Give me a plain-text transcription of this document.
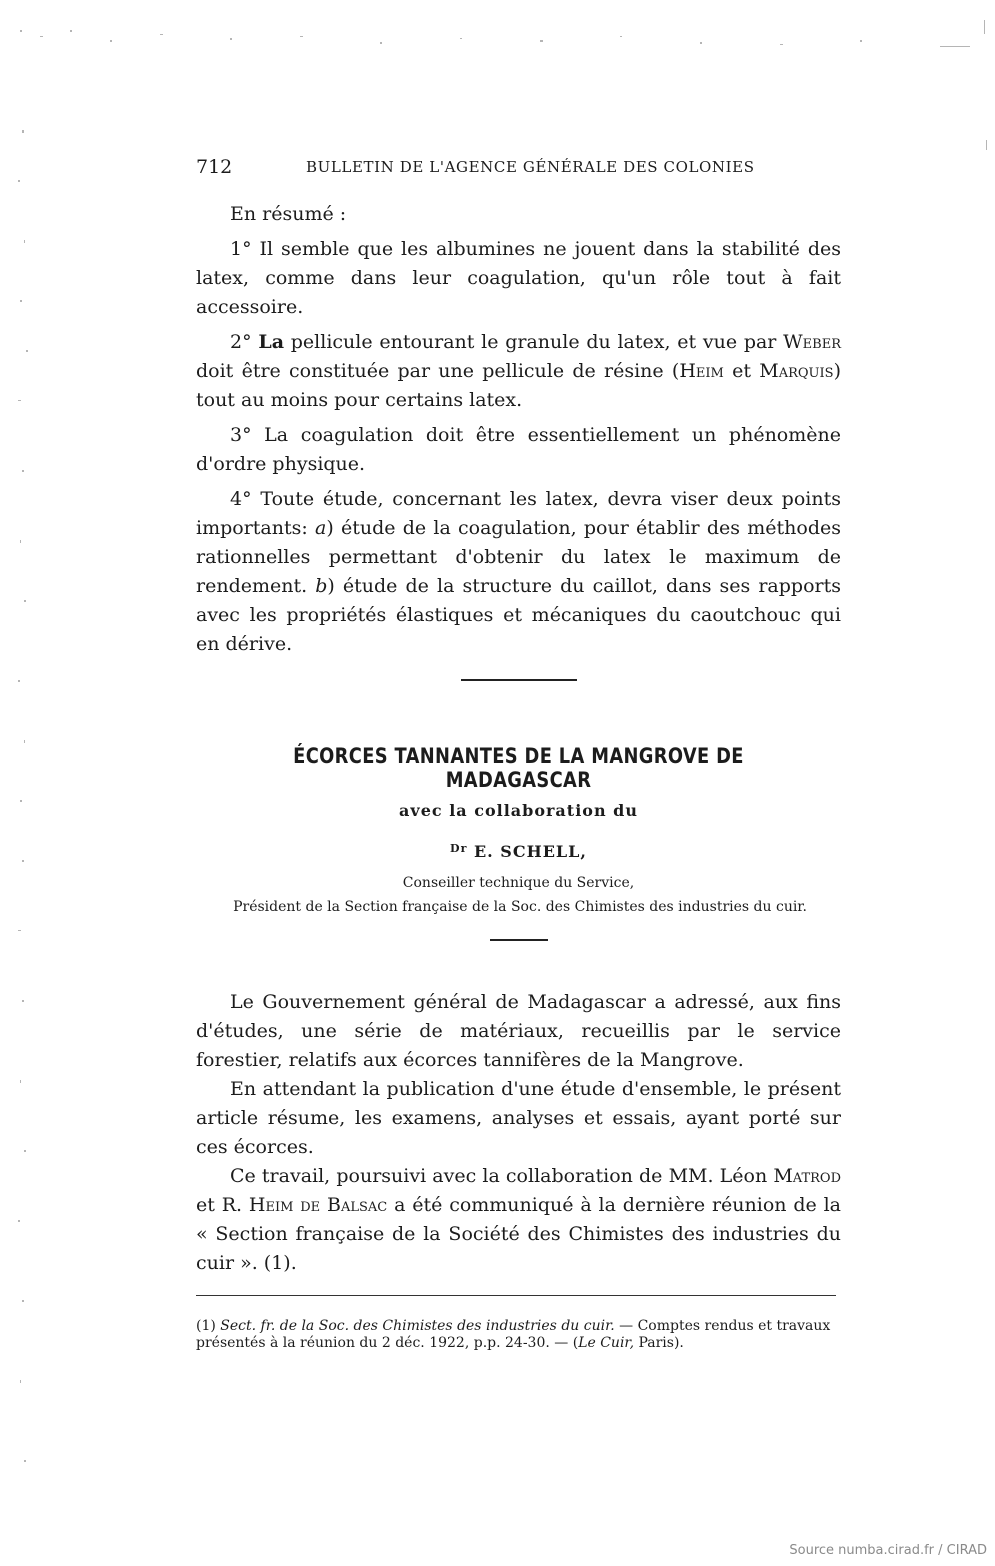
712	BULLETIN DE L'AGENCE GÉNÉRALE DES COLONIES

En résumé :

1° Il semble que les albumines ne jouent dans la stabilité des latex, comme dans leur coagulation, qu'un rôle tout à fait accessoire.

2° La pellicule entourant le granule du latex, et vue par Weber doit être constituée par une pellicule de résine (Heim et Marquis) tout au moins pour certains latex.

3° La coagulation doit être essentiellement un phénomène d'ordre physique.

4° Toute étude, concernant les latex, devra viser deux points importants: a) étude de la coagulation, pour établir des méthodes rationnelles permettant d'obtenir du latex le maximum de rendement. b) étude de la structure du caillot, dans ses rapports avec les propriétés élastiques et mécaniques du caoutchouc qui en dérive.

ÉCORCES TANNANTES DE LA MANGROVE DE MADAGASCAR
avec la collaboration du
$^{Dr}$ E. SCHELL,
Conseiller technique du Service,
Président de la Section française de la Soc. des Chimistes des industries du cuir.

Le Gouvernement général de Madagascar a adressé, aux fins d'études, une série de matériaux, recueillis par le service forestier, relatifs aux écorces tannifères de la Mangrove.

En attendant la publication d'une étude d'ensemble, le présent article résume, les examens, analyses et essais, ayant porté sur ces écorces.

Ce travail, poursuivi avec la collaboration de MM. Léon Matrod et R. Heim de Balsac a été communiqué à la dernière réunion de la « Section française de la Société des Chimistes des industries du cuir ». (1).

(1) Sect. fr. de la Soc. des Chimistes des industries du cuir. — Comptes rendus et travaux présentés à la réunion du 2 déc. 1922, p.p. 24-30. — (Le Cuir, Paris).
Source numba.cirad.fr / CIRAD
